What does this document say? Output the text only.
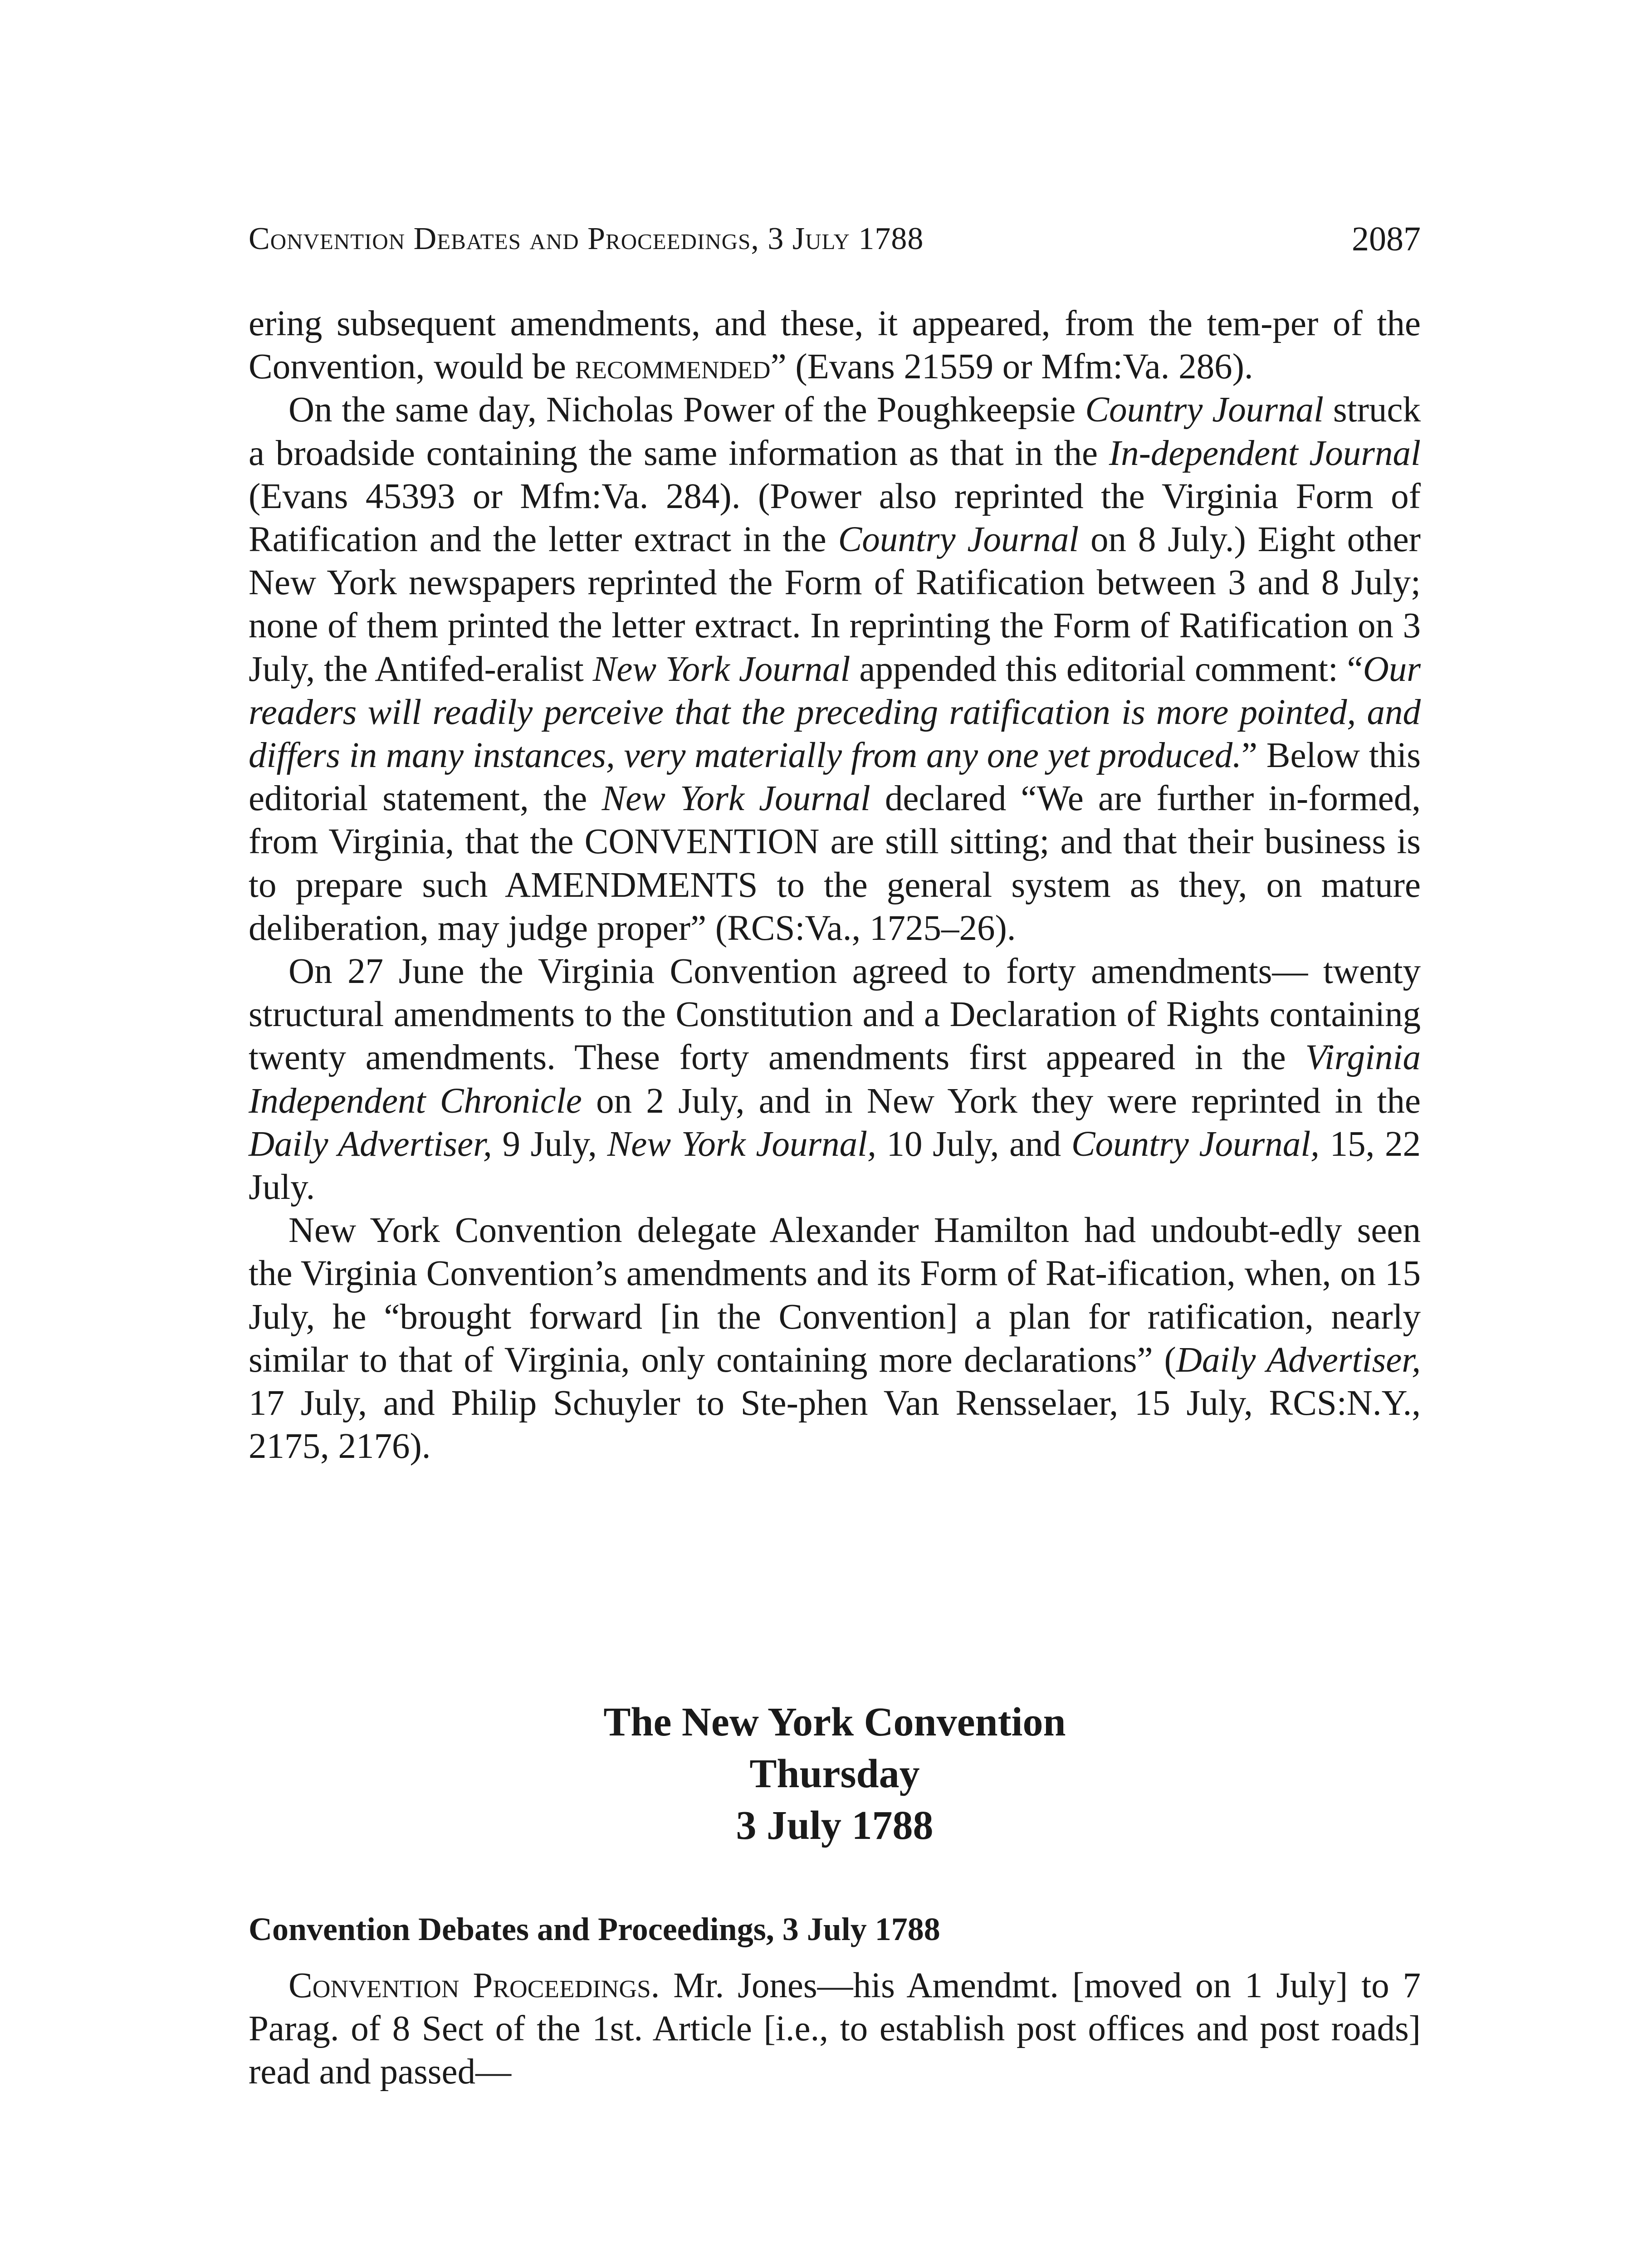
Convention Debates and Proceedings, 3 July 1788	2087

ering subsequent amendments, and these, it appeared, from the tem-per of the Convention, would be recommended” (Evans 21559 or Mfm:Va. 286).

On the same day, Nicholas Power of the Poughkeepsie Country Journal struck a broadside containing the same information as that in the In-dependent Journal (Evans 45393 or Mfm:Va. 284). (Power also reprinted the Virginia Form of Ratification and the letter extract in the Country Journal on 8 July.) Eight other New York newspapers reprinted the Form of Ratification between 3 and 8 July; none of them printed the letter extract. In reprinting the Form of Ratification on 3 July, the Antifed-eralist New York Journal appended this editorial comment: “Our readers will readily perceive that the preceding ratification is more pointed, and differs in many instances, very materially from any one yet produced.” Below this editorial statement, the New York Journal declared “We are further in-formed, from Virginia, that the CONVENTION are still sitting; and that their business is to prepare such AMENDMENTS to the general system as they, on mature deliberation, may judge proper” (RCS:Va., 1725–26).

On 27 June the Virginia Convention agreed to forty amendments— twenty structural amendments to the Constitution and a Declaration of Rights containing twenty amendments. These forty amendments first appeared in the Virginia Independent Chronicle on 2 July, and in New York they were reprinted in the Daily Advertiser, 9 July, New York Journal, 10 July, and Country Journal, 15, 22 July.

New York Convention delegate Alexander Hamilton had undoubt-edly seen the Virginia Convention’s amendments and its Form of Rat-ification, when, on 15 July, he “brought forward [in the Convention] a plan for ratification, nearly similar to that of Virginia, only containing more declarations” (Daily Advertiser, 17 July, and Philip Schuyler to Ste-phen Van Rensselaer, 15 July, RCS:N.Y., 2175, 2176).

The New York Convention
Thursday
3 July 1788
Convention Debates and Proceedings, 3 July 1788

Convention Proceedings. Mr. Jones—his Amendmt. [moved on 1 July] to 7 Parag. of 8 Sect of the 1st. Article [i.e., to establish post offices and post roads] read and passed—
